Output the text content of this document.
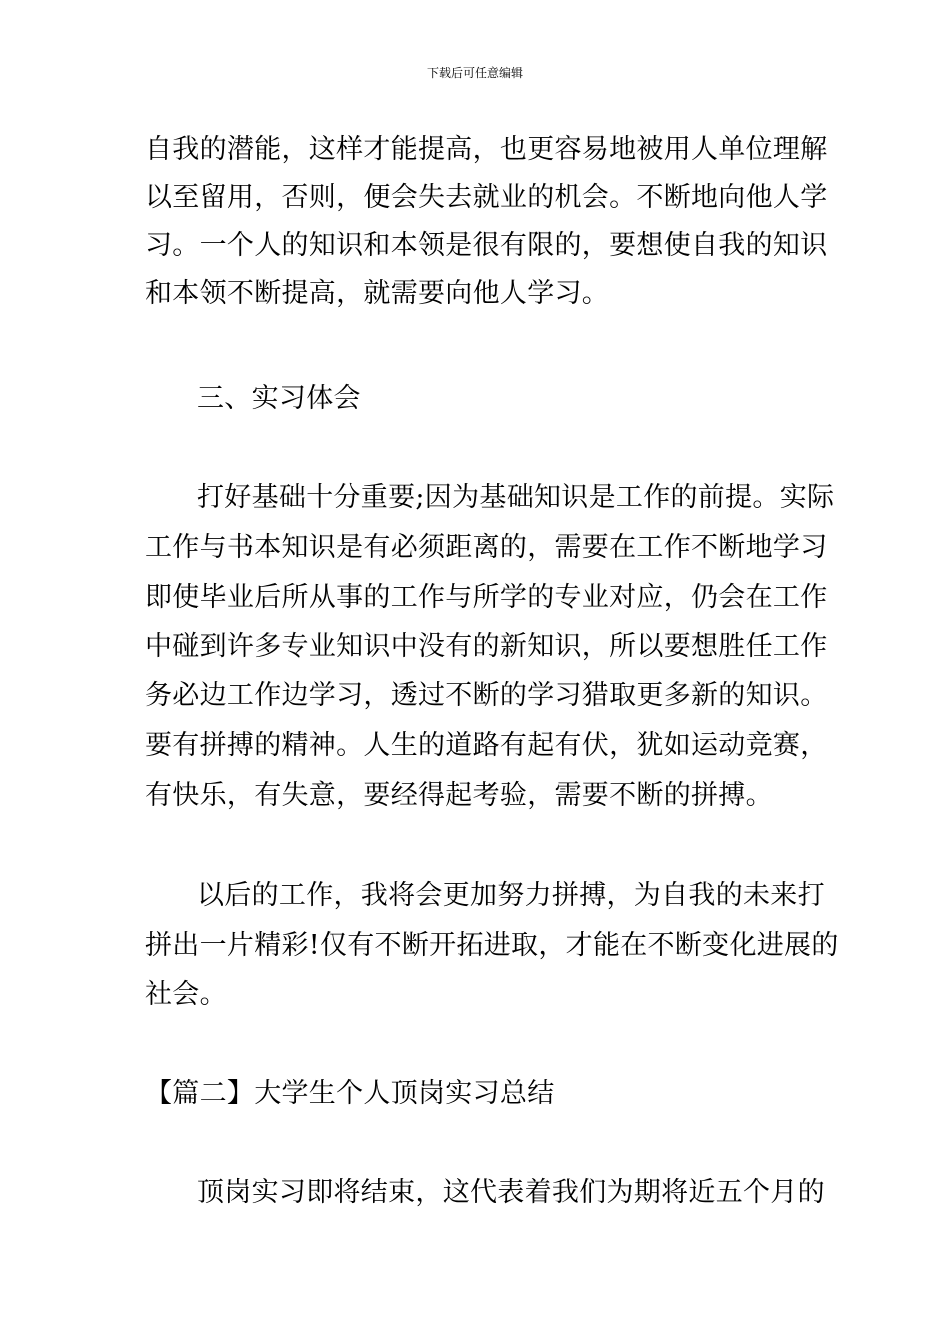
下载后可任意编辑
自我的潜能，这样才能提高，也更容易地被用人单位理解
以至留用，否则，便会失去就业的机会。不断地向他人学
习。一个人的知识和本领是很有限的，要想使自我的知识
和本领不断提高，就需要向他人学习。
三、实习体会
打好基础十分重要;因为基础知识是工作的前提。实际
工作与书本知识是有必须距离的，需要在工作不断地学习
即使毕业后所从事的工作与所学的专业对应，仍会在工作
中碰到许多专业知识中没有的新知识，所以要想胜任工作
务必边工作边学习，透过不断的学习猎取更多新的知识。
要有拼搏的精神。人生的道路有起有伏，犹如运动竞赛，
有快乐，有失意，要经得起考验，需要不断的拼搏。
以后的工作，我将会更加努力拼搏，为自我的未来打
拼出一片精彩!仅有不断开拓进取，才能在不断变化进展的
社会。
【篇二】大学生个人顶岗实习总结
顶岗实习即将结束，这代表着我们为期将近五个月的
